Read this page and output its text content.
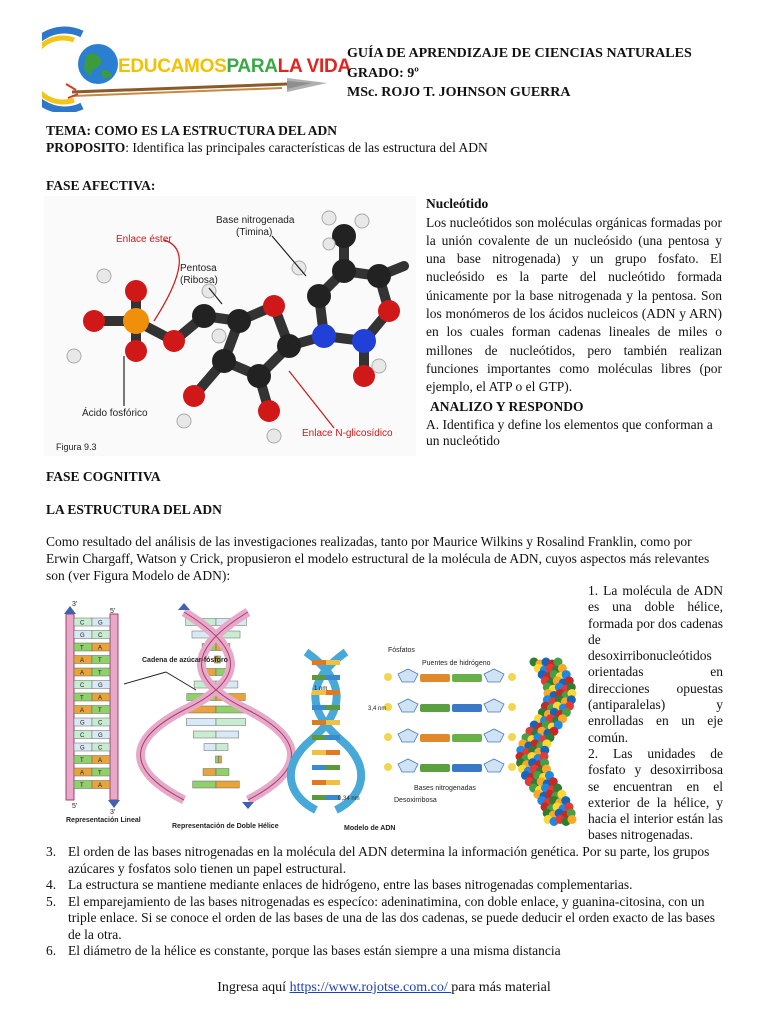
EDUCAMOSPARALA VIDA
GUÍA DE APRENDIZAJE DE CIENCIAS NATURALES
GRADO: 9º
MSc. ROJO T. JOHNSON GUERRA
TEMA: COMO ES LA ESTRUCTURA DEL ADN
PROPOSITO: Identifica las principales características de las estructura del ADN
FASE AFECTIVA:
Base nitrogenada
(Timina)
Enlace éster
Pentosa
(Ribosa)
Ácido fosfórico
Enlace N-glicosídico
Figura 9.3
Nucleótido
Los nucleótidos son moléculas orgánicas formadas por la unión covalente de un nucleósido (una pentosa y una base nitrogenada) y un grupo fosfato. El nucleósido es la parte del nucleótido formada únicamente por la base nitrogenada y la pentosa. Son los monómeros de los ácidos nucleicos (ADN y ARN) en los cuales forman cadenas lineales de miles o millones de nucleótidos, pero también realizan funciones importantes como moléculas libres (por ejemplo, el ATP o el GTP).
ANALIZO Y RESPONDO
A. Identifica y define los elementos que conforman a un nucleótido
FASE COGNITIVA
LA ESTRUCTURA DEL ADN
Como resultado del análisis de las investigaciones realizadas, tanto por Maurice Wilkins y Rosalind Franklin, como por Erwin Chargaff, Watson y Crick, propusieron el modelo estructural de la molécula de ADN, cuyos aspectos más relevantes son (ver Figura Modelo de ADN):
C G
G C
T A
A T
A T
C G
T A
A T
G C
C G
G C
T A
A T
T A
3'
5'
5'
3'
Representación Lineal
Cadena de azúcar-fósforo
Representación de Doble Hélice
1 nm
3,4 nm
0,34 nm
Fósfatos
Puentes de hidrógeno
Bases nitrogenadas
Desoxirribosa
Modelo de ADN
1. La molécula de ADN es una doble hélice, formada por dos cadenas de desoxirribonucleótidos orientadas en direcciones opuestas (antiparalelas) y enrolladas en un eje común.
2. Las unidades de fosfato y desoxirribosa se encuentran en el exterior de la hélice, y hacia el interior están las bases nitrogenadas.
3. El orden de las bases nitrogenadas en la molécula del ADN determina la información genética. Por su parte, los grupos azúcares y fosfatos solo tienen un papel estructural.
4. La estructura se mantiene mediante enlaces de hidrógeno, entre las bases nitrogenadas complementarias.
5. El emparejamiento de las bases nitrogenadas es especíco: adeninatimina, con doble enlace, y guanina-citosina, con un triple enlace. Si se conoce el orden de las bases de una de las dos cadenas, se puede deducir el orden exacto de las bases de la otra.
6. El diámetro de la hélice es constante, porque las bases están siempre a una misma distancia
Ingresa aquí https://www.rojotse.com.co/ para más material
